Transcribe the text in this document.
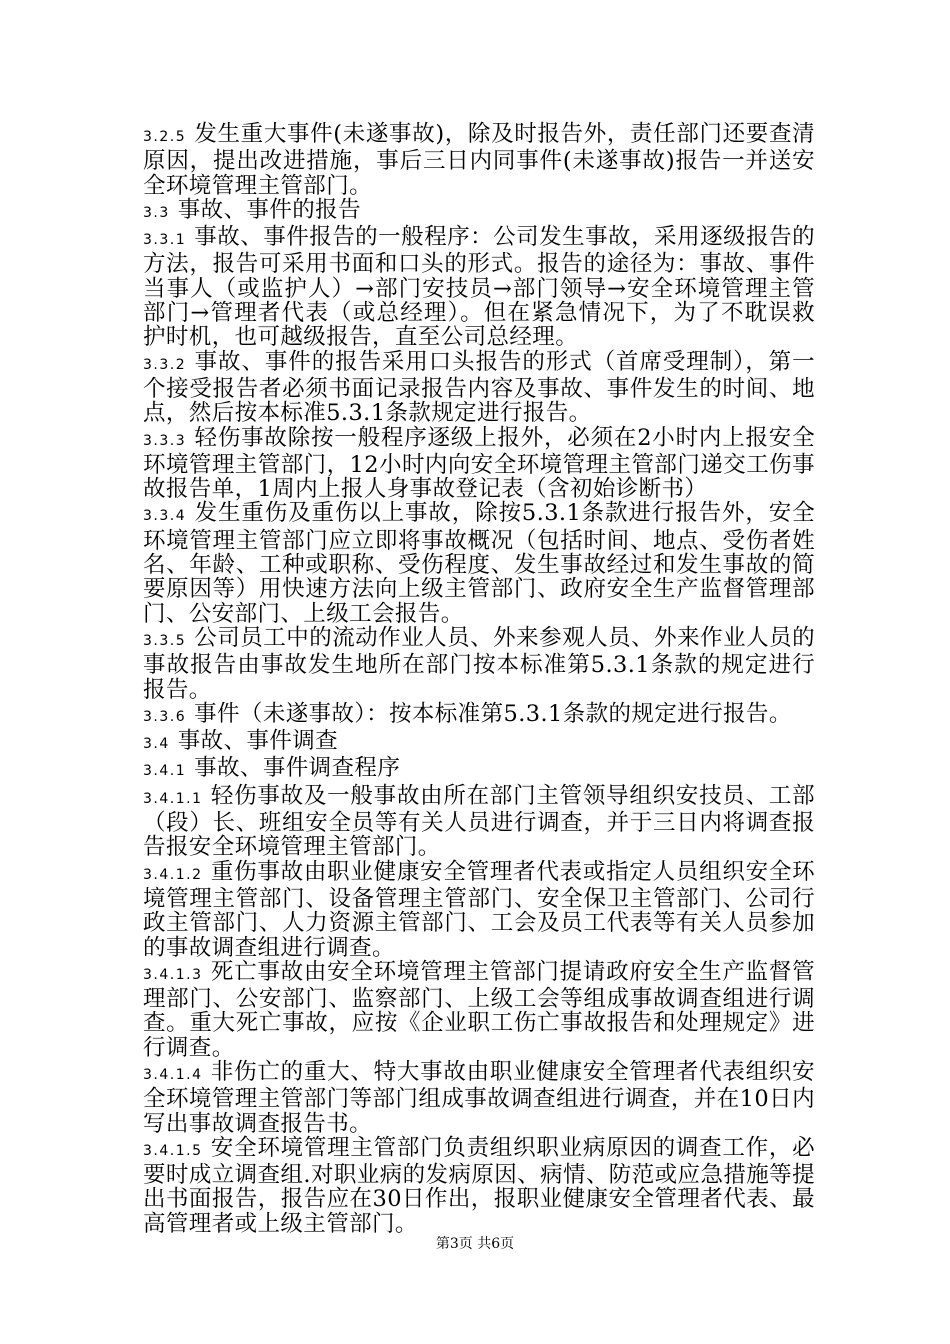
3.2.5 发生重大事件(未遂事故)，除及时报告外，责任部门还要查清原因，提出改进措施，事后三日内同事件(未遂事故)报告一并送安全环境管理主管部门。

3.3 事故、事件的报告

3.3.1 事故、事件报告的一般程序：公司发生事故，采用逐级报告的方法，报告可采用书面和口头的形式。报告的途径为：事故、事件当事人（或监护人）→部门安技员→部门领导→安全环境管理主管部门→管理者代表（或总经理）。但在紧急情况下，为了不耽误救护时机，也可越级报告，直至公司总经理。

3.3.2 事故、事件的报告采用口头报告的形式（首席受理制），第一个接受报告者必须书面记录报告内容及事故、事件发生的时间、地点，然后按本标准5.3.1条款规定进行报告。

3.3.3 轻伤事故除按一般程序逐级上报外，必须在2小时内上报安全环境管理主管部门，12小时内向安全环境管理主管部门递交工伤事故报告单，1周内上报人身事故登记表（含初始诊断书）

3.3.4 发生重伤及重伤以上事故，除按5.3.1条款进行报告外，安全环境管理主管部门应立即将事故概况（包括时间、地点、受伤者姓名、年龄、工种或职称、受伤程度、发生事故经过和发生事故的简要原因等）用快速方法向上级主管部门、政府安全生产监督管理部门、公安部门、上级工会报告。

3.3.5 公司员工中的流动作业人员、外来参观人员、外来作业人员的事故报告由事故发生地所在部门按本标准第5.3.1条款的规定进行报告。

3.3.6 事件（未遂事故）：按本标准第5.3.1条款的规定进行报告。

3.4 事故、事件调查

3.4.1 事故、事件调查程序

3.4.1.1 轻伤事故及一般事故由所在部门主管领导组织安技员、工部（段）长、班组安全员等有关人员进行调查，并于三日内将调查报告报安全环境管理主管部门。

3.4.1.2 重伤事故由职业健康安全管理者代表或指定人员组织安全环境管理主管部门、设备管理主管部门、安全保卫主管部门、公司行政主管部门、人力资源主管部门、工会及员工代表等有关人员参加的事故调查组进行调查。

3.4.1.3 死亡事故由安全环境管理主管部门提请政府安全生产监督管理部门、公安部门、监察部门、上级工会等组成事故调查组进行调查。重大死亡事故，应按《企业职工伤亡事故报告和处理规定》进行调查。

3.4.1.4 非伤亡的重大、特大事故由职业健康安全管理者代表组织安全环境管理主管部门等部门组成事故调查组进行调查，并在10日内写出事故调查报告书。

3.4.1.5 安全环境管理主管部门负责组织职业病原因的调查工作，必要时成立调查组.对职业病的发病原因、病情、防范或应急措施等提出书面报告，报告应在30日作出，报职业健康安全管理者代表、最高管理者或上级主管部门。

第3页 共6页
